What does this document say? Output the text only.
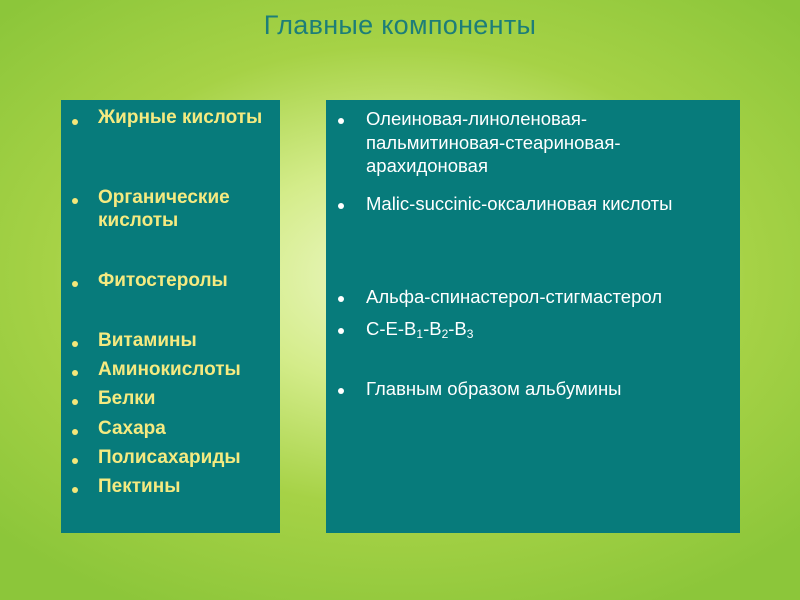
Главные компоненты
Жирные кислоты
Органические кислоты
Фитостеролы
Витамины
Аминокислоты
Белки
Сахара
Полисахариды
Пектины
Олеиновая-линоленовая-пальмитиновая-стеариновая-арахидоновая
Malic-succinic-оксалиновая кислоты
Альфа-спинастерол-стигмастерол
$C-E-B_1-B_2-B_3$
Главным образом альбумины
